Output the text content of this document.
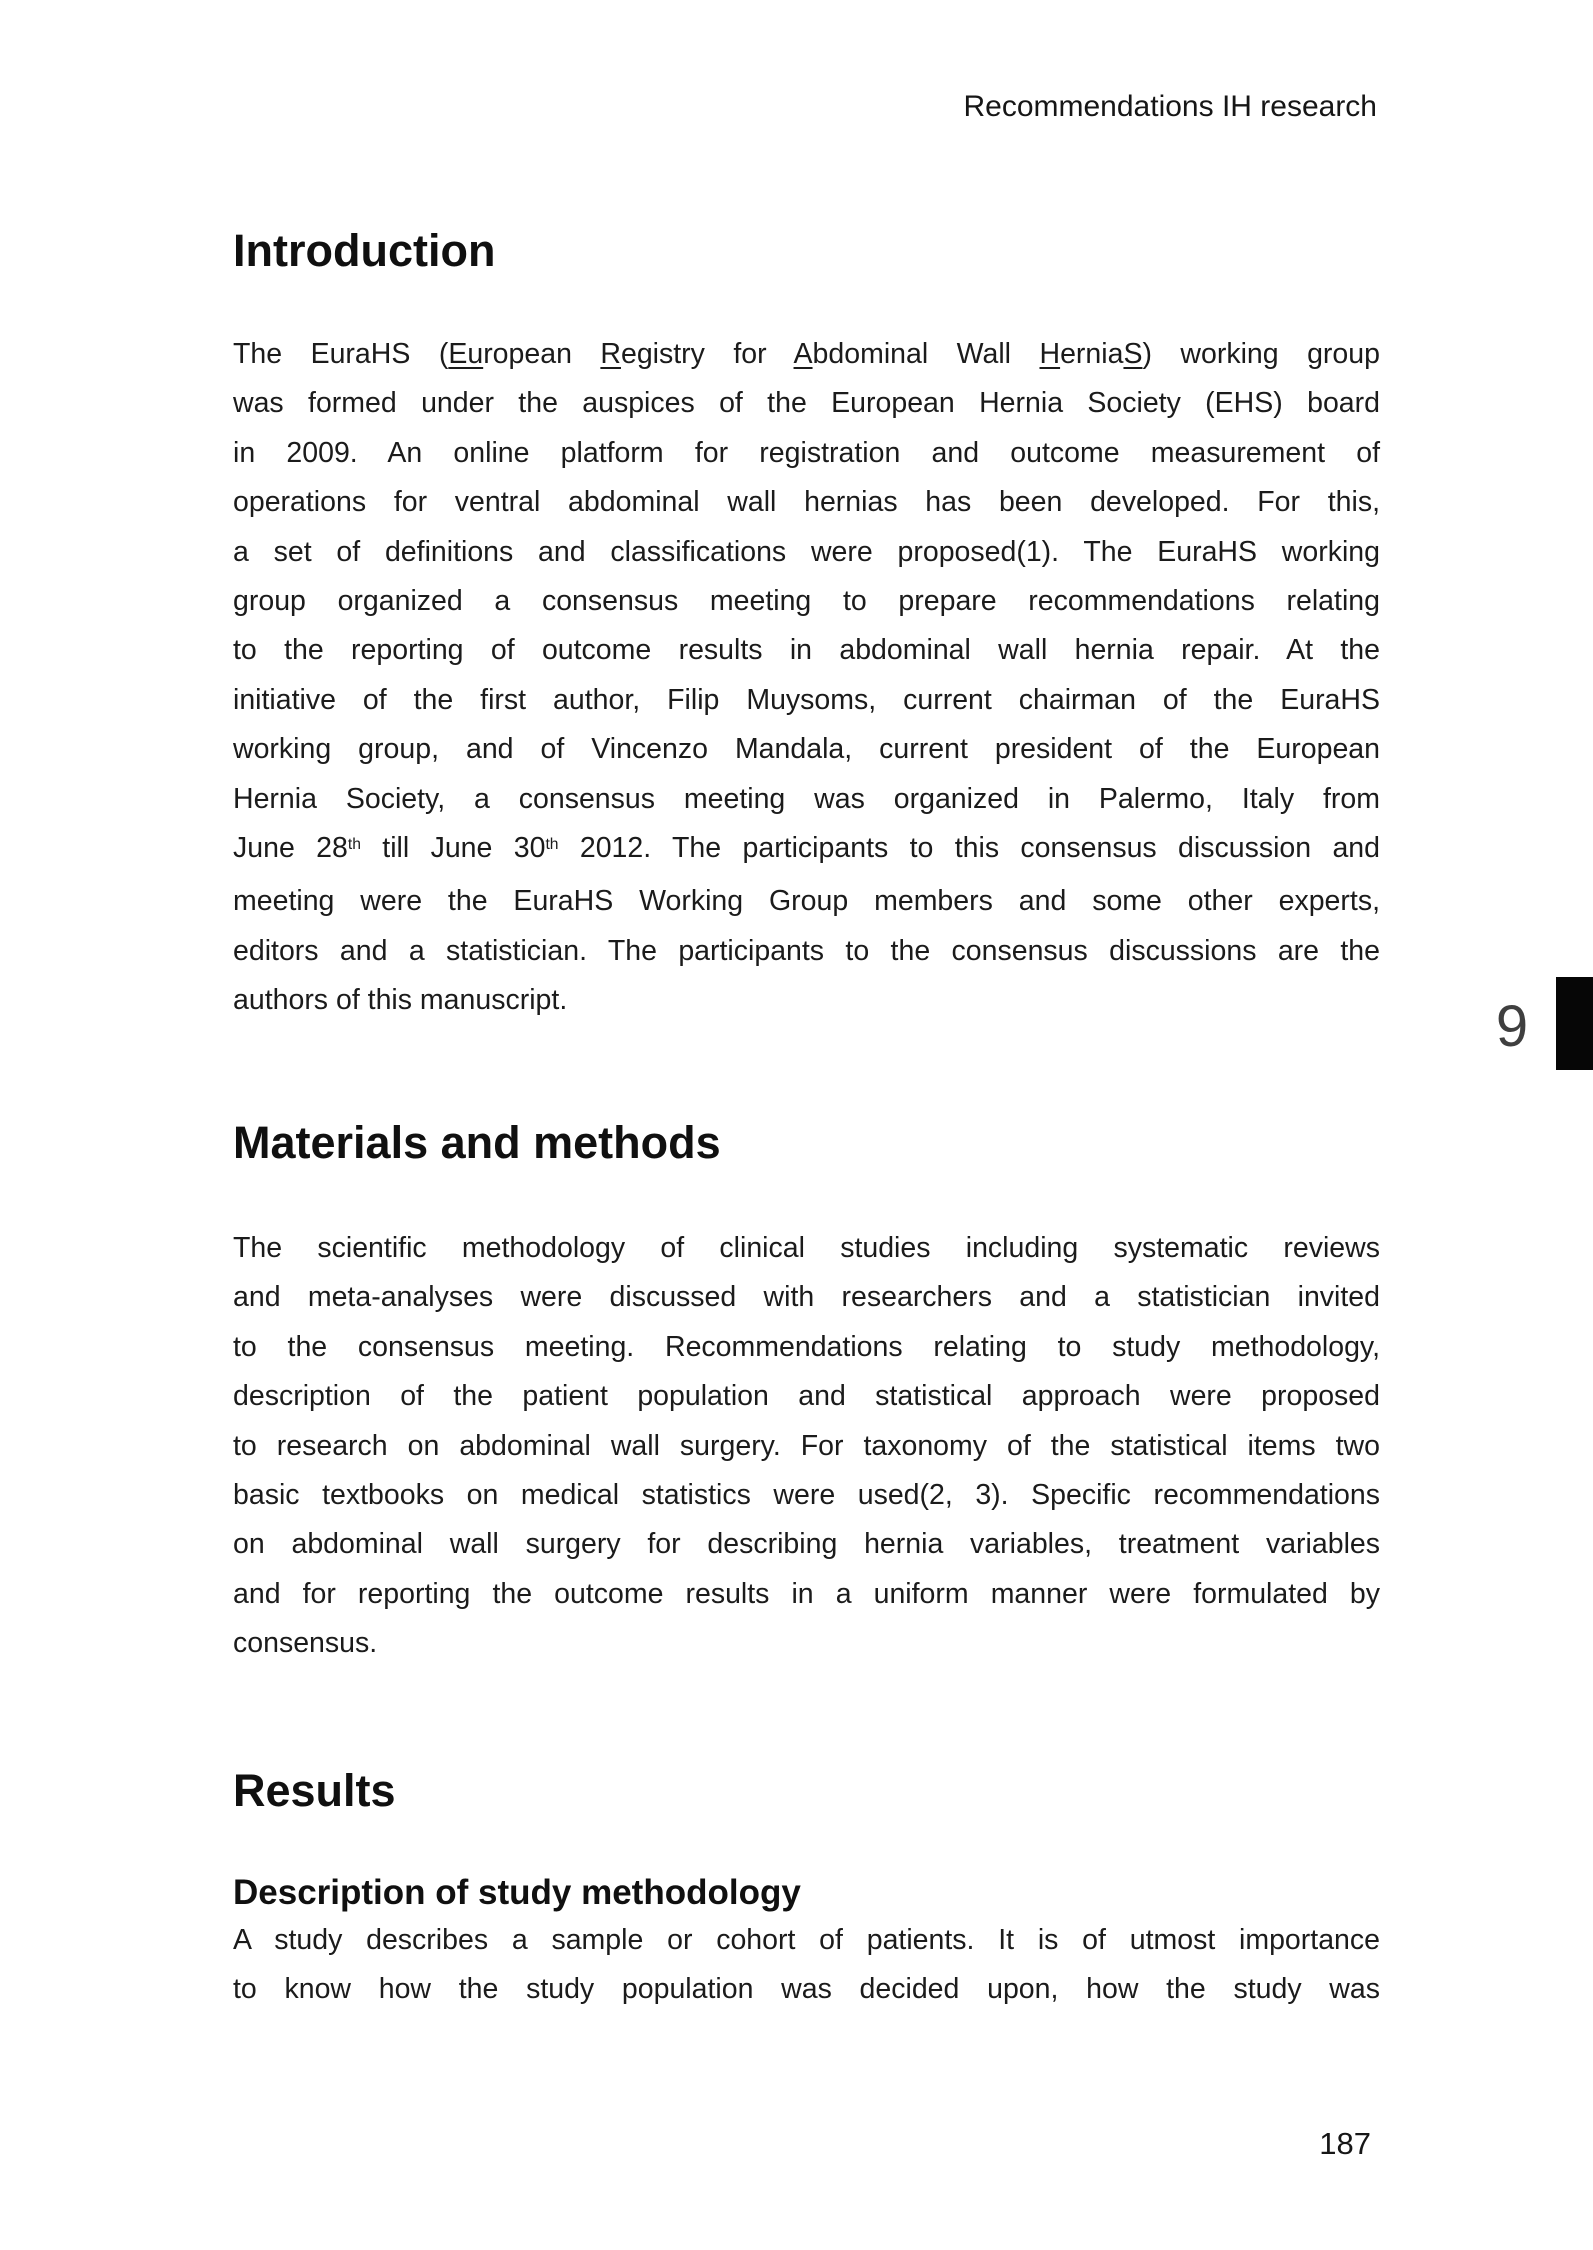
Recommendations IH research
Introduction
The EuraHS (European Registry for Abdominal Wall HerniaS) working group
was formed under the auspices of the European Hernia Society (EHS) board
in 2009. An online platform for registration and outcome measurement of
operations for ventral abdominal wall hernias has been developed. For this,
a set of definitions and classifications were proposed(1). The EuraHS working
group organized a consensus meeting to prepare recommendations relating
to the reporting of outcome results in abdominal wall hernia repair. At the
initiative of the first author, Filip Muysoms, current chairman of the EuraHS
working group, and of Vincenzo Mandala, current president of the European
Hernia Society, a consensus meeting was organized in Palermo, Italy from
June 28th till June 30th 2012. The participants to this consensus discussion and
meeting were the EuraHS Working Group members and some other experts,
editors and a statistician. The participants to the consensus discussions are the
authors of this manuscript.	9
Materials and methods
The scientific methodology of clinical studies including systematic reviews
and meta-analyses were discussed with researchers and a statistician invited
to the consensus meeting. Recommendations relating to study methodology,
description of the patient population and statistical approach were proposed
to research on abdominal wall surgery. For taxonomy of the statistical items two
basic textbooks on medical statistics were used(2, 3). Specific recommendations
on abdominal wall surgery for describing hernia variables, treatment variables
and for reporting the outcome results in a uniform manner were formulated by
consensus.
Results
Description of study methodology
A study describes a sample or cohort of patients. It is of utmost importance
to know how the study population was decided upon, how the study was
187
